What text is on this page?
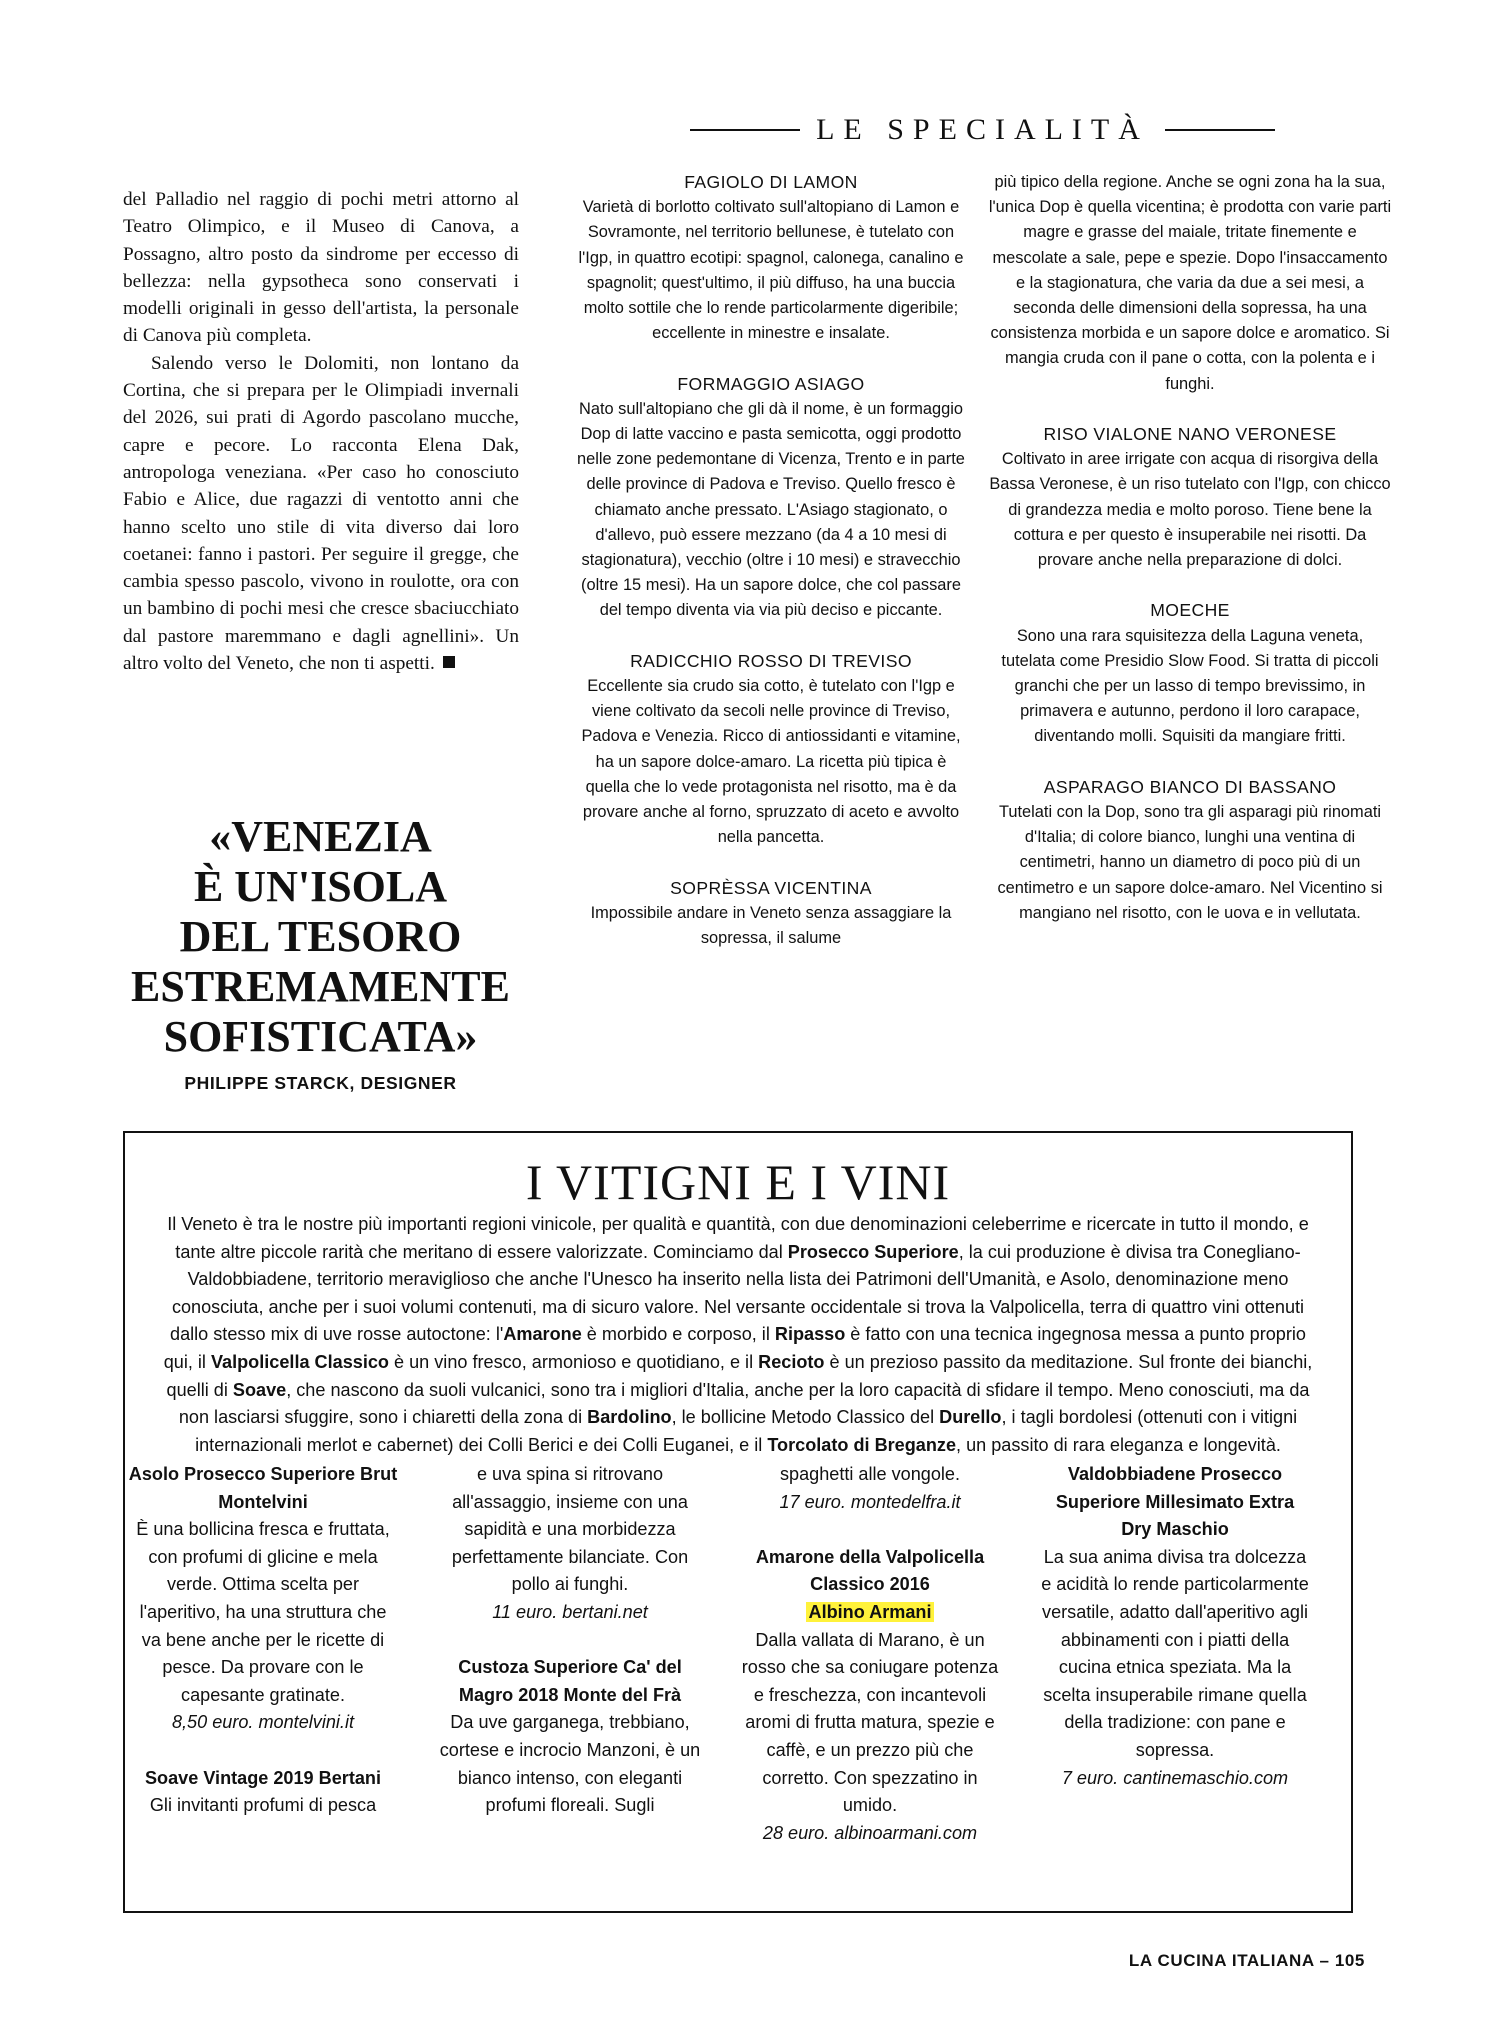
LE SPECIALITÀ

del Palladio nel raggio di pochi metri attorno al Teatro Olimpico, e il Museo di Canova, a Possagno, altro posto da sindrome per eccesso di bellezza: nella gypsotheca sono conservati i modelli originali in gesso dell'artista, la personale di Canova più completa.

Salendo verso le Dolomiti, non lontano da Cortina, che si prepara per le Olimpiadi invernali del 2026, sui prati di Agordo pascolano mucche, capre e pecore. Lo racconta Elena Dak, antropologa veneziana. «Per caso ho conosciuto Fabio e Alice, due ragazzi di ventotto anni che hanno scelto uno stile di vita diverso dai loro coetanei: fanno i pastori. Per seguire il gregge, che cambia spesso pascolo, vivono in roulotte, ora con un bambino di pochi mesi che cresce sbaciucchiato dal pastore maremmano e dagli agnellini». Un altro volto del Veneto, che non ti aspetti.

«VENEZIA
È UN'ISOLA
DEL TESORO
ESTREMAMENTE
SOFISTICATA»
PHILIPPE STARCK, DESIGNER
FAGIOLO DI LAMON

Varietà di borlotto coltivato sull'altopiano di Lamon e Sovramonte, nel territorio bellunese, è tutelato con l'Igp, in quattro ecotipi: spagnol, calonega, canalino e spagnolit; quest'ultimo, il più diffuso, ha una buccia molto sottile che lo rende particolarmente digeribile; eccellente in minestre e insalate.

FORMAGGIO ASIAGO

Nato sull'altopiano che gli dà il nome, è un formaggio Dop di latte vaccino e pasta semicotta, oggi prodotto nelle zone pedemontane di Vicenza, Trento e in parte delle province di Padova e Treviso. Quello fresco è chiamato anche pressato. L'Asiago stagionato, o d'allevo, può essere mezzano (da 4 a 10 mesi di stagionatura), vecchio (oltre i 10 mesi) e stravecchio (oltre 15 mesi). Ha un sapore dolce, che col passare del tempo diventa via via più deciso e piccante.

RADICCHIO ROSSO DI TREVISO

Eccellente sia crudo sia cotto, è tutelato con l'Igp e viene coltivato da secoli nelle province di Treviso, Padova e Venezia. Ricco di antiossidanti e vitamine, ha un sapore dolce-amaro. La ricetta più tipica è quella che lo vede protagonista nel risotto, ma è da provare anche al forno, spruzzato di aceto e avvolto nella pancetta.

SOPRÈSSA VICENTINA

Impossibile andare in Veneto senza assaggiare la sopressa, il salume

più tipico della regione. Anche se ogni zona ha la sua, l'unica Dop è quella vicentina; è prodotta con varie parti magre e grasse del maiale, tritate finemente e mescolate a sale, pepe e spezie. Dopo l'insaccamento e la stagionatura, che varia da due a sei mesi, a seconda delle dimensioni della sopressa, ha una consistenza morbida e un sapore dolce e aromatico. Si mangia cruda con il pane o cotta, con la polenta e i funghi.

RISO VIALONE NANO VERONESE

Coltivato in aree irrigate con acqua di risorgiva della Bassa Veronese, è un riso tutelato con l'Igp, con chicco di grandezza media e molto poroso. Tiene bene la cottura e per questo è insuperabile nei risotti. Da provare anche nella preparazione di dolci.

MOECHE

Sono una rara squisitezza della Laguna veneta, tutelata come Presidio Slow Food. Si tratta di piccoli granchi che per un lasso di tempo brevissimo, in primavera e autunno, perdono il loro carapace, diventando molli. Squisiti da mangiare fritti.

ASPARAGO BIANCO DI BASSANO

Tutelati con la Dop, sono tra gli asparagi più rinomati d'Italia; di colore bianco, lunghi una ventina di centimetri, hanno un diametro di poco più di un centimetro e un sapore dolce-amaro. Nel Vicentino si mangiano nel risotto, con le uova e in vellutata.

I VITIGNI E I VINI

Il Veneto è tra le nostre più importanti regioni vinicole, per qualità e quantità, con due denominazioni celeberrime e ricercate in tutto il mondo, e tante altre piccole rarità che meritano di essere valorizzate. Cominciamo dal Prosecco Superiore, la cui produzione è divisa tra Conegliano-Valdobbiadene, territorio meraviglioso che anche l'Unesco ha inserito nella lista dei Patrimoni dell'Umanità, e Asolo, denominazione meno conosciuta, anche per i suoi volumi contenuti, ma di sicuro valore. Nel versante occidentale si trova la Valpolicella, terra di quattro vini ottenuti dallo stesso mix di uve rosse autoctone: l'Amarone è morbido e corposo, il Ripasso è fatto con una tecnica ingegnosa messa a punto proprio qui, il Valpolicella Classico è un vino fresco, armonioso e quotidiano, e il Recioto è un prezioso passito da meditazione. Sul fronte dei bianchi, quelli di Soave, che nascono da suoli vulcanici, sono tra i migliori d'Italia, anche per la loro capacità di sfidare il tempo. Meno conosciuti, ma da non lasciarsi sfuggire, sono i chiaretti della zona di Bardolino, le bollicine Metodo Classico del Durello, i tagli bordolesi (ottenuti con i vitigni internazionali merlot e cabernet) dei Colli Berici e dei Colli Euganei, e il Torcolato di Breganze, un passito di rara eleganza e longevità.

Asolo Prosecco Superiore Brut Montelvini

È una bollicina fresca e fruttata, con profumi di glicine e mela verde. Ottima scelta per l'aperitivo, ha una struttura che va bene anche per le ricette di pesce. Da provare con le capesante gratinate.

8,50 euro. montelvini.it

Soave Vintage 2019 Bertani

Gli invitanti profumi di pesca

e uva spina si ritrovano all'assaggio, insieme con una sapidità e una morbidezza perfettamente bilanciate. Con pollo ai funghi.

11 euro. bertani.net

Custoza Superiore Ca' del Magro 2018 Monte del Frà

Da uve garganega, trebbiano, cortese e incrocio Manzoni, è un bianco intenso, con eleganti profumi floreali. Sugli

spaghetti alle vongole.

17 euro. montedelfra.it

Amarone della Valpolicella Classico 2016
Albino Armani

Dalla vallata di Marano, è un rosso che sa coniugare potenza e freschezza, con incantevoli aromi di frutta matura, spezie e caffè, e un prezzo più che corretto. Con spezzatino in umido.

28 euro. albinoarmani.com

Valdobbiadene Prosecco Superiore Millesimato Extra Dry Maschio

La sua anima divisa tra dolcezza e acidità lo rende particolarmente versatile, adatto dall'aperitivo agli abbinamenti con i piatti della cucina etnica speziata. Ma la scelta insuperabile rimane quella della tradizione: con pane e sopressa.

7 euro. cantinemaschio.com

LA CUCINA ITALIANA – 105
